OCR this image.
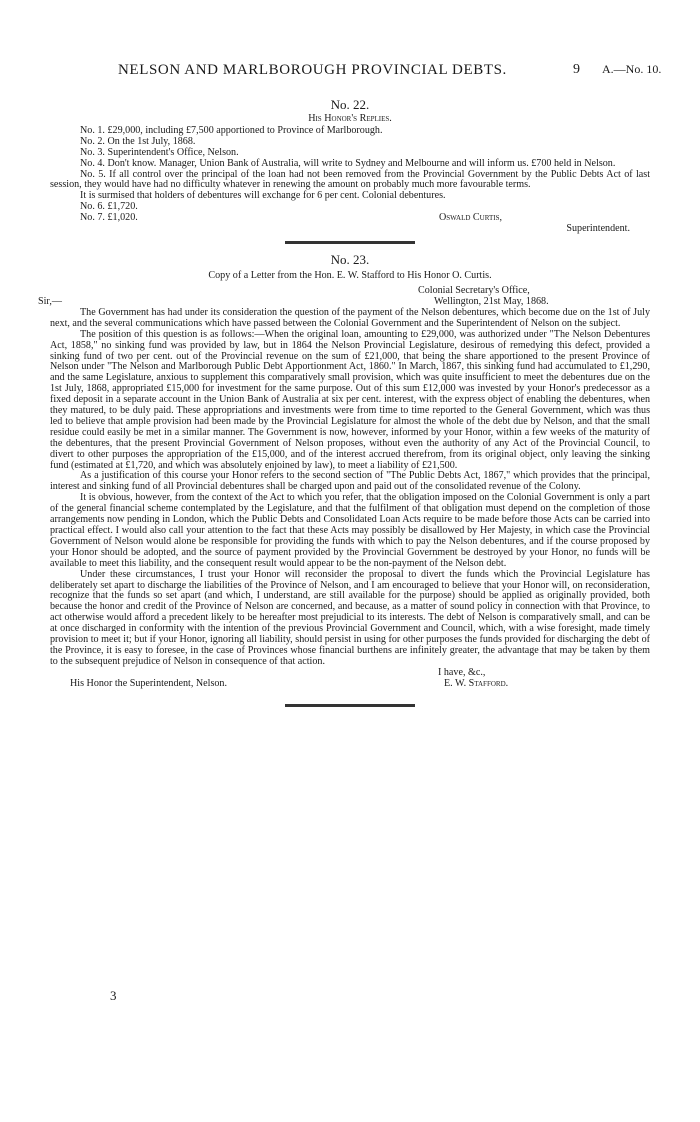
NELSON AND MARLBOROUGH PROVINCIAL DEBTS.	9 A.—No. 10.

No. 22.

His Honor's Replies.

No. 1. £29,000, including £7,500 apportioned to Province of Marlborough.

No. 2. On the 1st July, 1868.

No. 3. Superintendent's Office, Nelson.

No. 4. Don't know. Manager, Union Bank of Australia, will write to Sydney and Melbourne and will inform us. £700 held in Nelson.

No. 5. If all control over the principal of the loan had not been removed from the Provincial Government by the Public Debts Act of last session, they would have had no difficulty whatever in renewing the amount on probably much more favourable terms.

It is surmised that holders of debentures will exchange for 6 per cent. Colonial debentures.

No. 6. £1,720.

No. 7. £1,020.	Oswald Curtis,
Superintendent.

No. 23.

Copy of a Letter from the Hon. E. W. Stafford to His Honor O. Curtis.
Colonial Secretary's Office,
Sir,—	Wellington, 21st May, 1868.

The Government has had under its consideration the question of the payment of the Nelson debentures, which become due on the 1st of July next, and the several communications which have passed between the Colonial Government and the Superintendent of Nelson on the subject.

The position of this question is as follows:—When the original loan, amounting to £29,000, was authorized under "The Nelson Debentures Act, 1858," no sinking fund was provided by law, but in 1864 the Nelson Provincial Legislature, desirous of remedying this defect, provided a sinking fund of two per cent. out of the Provincial revenue on the sum of £21,000, that being the share apportioned to the present Province of Nelson under "The Nelson and Marlborough Public Debt Apportionment Act, 1860." In March, 1867, this sinking fund had accumulated to £1,290, and the same Legislature, anxious to supplement this comparatively small provision, which was quite insufficient to meet the debentures due on the 1st July, 1868, appropriated £15,000 for investment for the same purpose. Out of this sum £12,000 was invested by your Honor's predecessor as a fixed deposit in a separate account in the Union Bank of Australia at six per cent. interest, with the express object of enabling the debentures, when they matured, to be duly paid. These appropriations and investments were from time to time reported to the General Government, which was thus led to believe that ample provision had been made by the Provincial Legislature for almost the whole of the debt due by Nelson, and that the small residue could easily be met in a similar manner. The Government is now, however, informed by your Honor, within a few weeks of the maturity of the debentures, that the present Provincial Government of Nelson proposes, without even the authority of any Act of the Provincial Council, to divert to other purposes the appropriation of the £15,000, and of the interest accrued therefrom, from its original object, only leaving the sinking fund (estimated at £1,720, and which was absolutely enjoined by law), to meet a liability of £21,500.

As a justification of this course your Honor refers to the second section of "The Public Debts Act, 1867," which provides that the principal, interest and sinking fund of all Provincial debentures shall be charged upon and paid out of the consolidated revenue of the Colony.

It is obvious, however, from the context of the Act to which you refer, that the obligation imposed on the Colonial Government is only a part of the general financial scheme contemplated by the Legislature, and that the fulfilment of that obligation must depend on the completion of those arrangements now pending in London, which the Public Debts and Consolidated Loan Acts require to be made before those Acts can be carried into practical effect. I would also call your attention to the fact that these Acts may possibly be disallowed by Her Majesty, in which case the Provincial Government of Nelson would alone be responsible for providing the funds with which to pay the Nelson debentures, and if the course proposed by your Honor should be adopted, and the source of payment provided by the Provincial Government be destroyed by your Honor, no funds will be available to meet this liability, and the consequent result would appear to be the non-payment of the Nelson debt.

Under these circumstances, I trust your Honor will reconsider the proposal to divert the funds which the Provincial Legislature has deliberately set apart to discharge the liabilities of the Province of Nelson, and I am encouraged to believe that your Honor will, on reconsideration, recognize that the funds so set apart (and which, I understand, are still available for the purpose) should be applied as originally provided, both because the honor and credit of the Province of Nelson are concerned, and because, as a matter of sound policy in connection with that Province, to act otherwise would afford a precedent likely to be hereafter most prejudicial to its interests. The debt of Nelson is comparatively small, and can be at once discharged in conformity with the intention of the previous Provincial Government and Council, which, with a wise foresight, made timely provision to meet it; but if your Honor, ignoring all liability, should persist in using for other purposes the funds provided for discharging the debt of the Province, it is easy to foresee, in the case of Provinces whose financial burthens are infinitely greater, the advantage that may be taken by them to the subsequent prejudice of Nelson in consequence of that action.

I have, &c.,
His Honor the Superintendent, Nelson.	E. W. Stafford.
3
